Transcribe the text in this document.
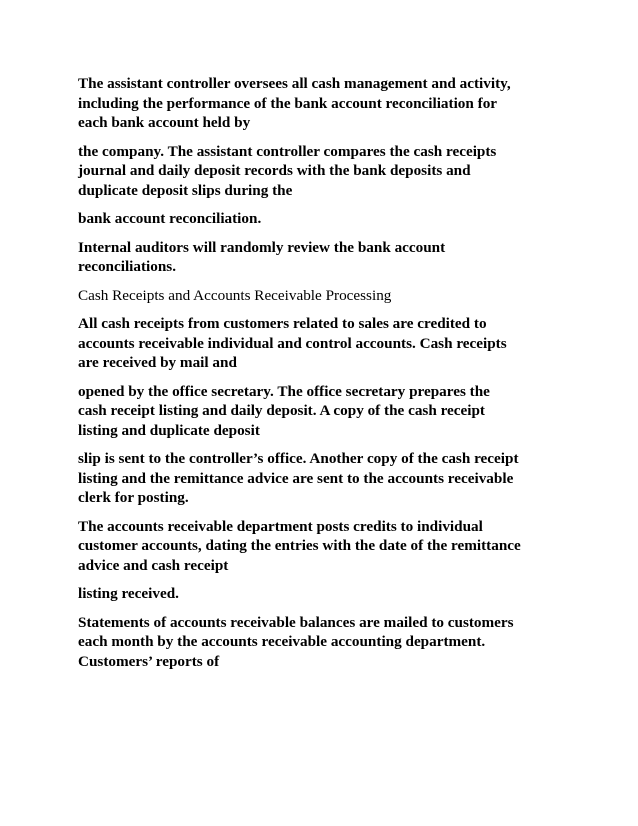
The assistant controller oversees all cash management and activity,
including the performance of the bank account reconciliation for
each bank account held by

the company. The assistant controller compares the cash receipts
journal and daily deposit records with the bank deposits and
duplicate deposit slips during the

bank account reconciliation.

Internal auditors will randomly review the bank account
reconciliations.

Cash Receipts and Accounts Receivable Processing

All cash receipts from customers related to sales are credited to
accounts receivable individual and control accounts. Cash receipts
are received by mail and

opened by the office secretary. The office secretary prepares the
cash receipt listing and daily deposit. A copy of the cash receipt
listing and duplicate deposit

slip is sent to the controller’s office. Another copy of the cash receipt
listing and the remittance advice are sent to the accounts receivable
clerk for posting.

The accounts receivable department posts credits to individual
customer accounts, dating the entries with the date of the remittance
advice and cash receipt

listing received.

Statements of accounts receivable balances are mailed to customers
each month by the accounts receivable accounting department.
Customers’ reports of
